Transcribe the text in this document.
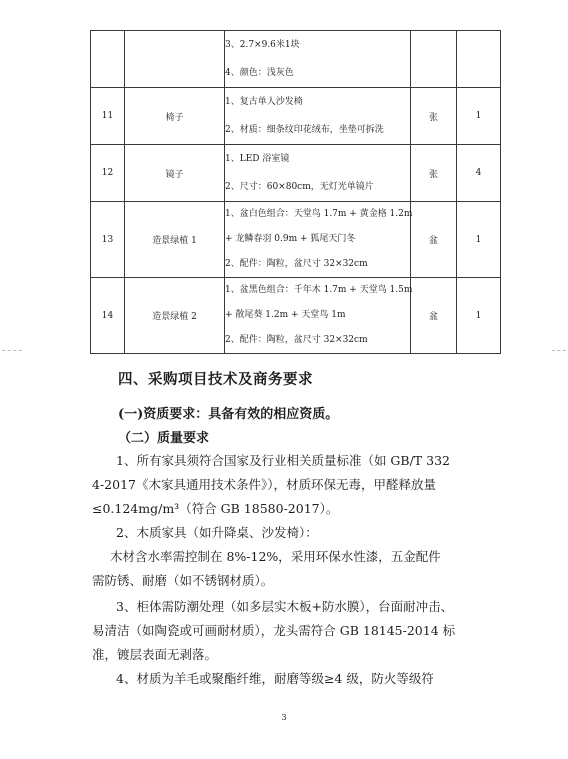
		3、2.7×9.6米1块
4、颜色：浅灰色		

11	椅子	1、复古单人沙发椅
2、材质：细条纹印花绒布，坐垫可拆洗	张	1
12	镜子	1、LED 浴室镜
2、尺寸：60×80cm，无灯光单镜片	张	4
13	造景绿植 1	1、盆白色组合：天堂鸟 1.7m + 黄金格 1.2m
+ 龙鳞春羽 0.9m + 狐尾天门冬
2、配件：陶粒，盆尺寸 32×32cm	盆	1
14	造景绿植 2	1、盆黑色组合：千年木 1.7m + 天堂鸟 1.5m
+ 散尾葵 1.2m + 天堂鸟 1m
2、配件：陶粒，盆尺寸 32×32cm	盆	1
四、采购项目技术及商务要求
(一)资质要求：具备有效的相应资质。
（二）质量要求
1、所有家具须符合国家及行业相关质量标准（如 GB/T 332
4-2017《木家具通用技术条件》），材质环保无毒，甲醛释放量
≤0.124mg/m³（符合 GB 18580-2017）。
2、木质家具（如升降桌、沙发椅）：
木材含水率需控制在 8%-12%，采用环保水性漆，五金配件
需防锈、耐磨（如不锈钢材质）。
3、柜体需防潮处理（如多层实木板+防水膜），台面耐冲击、
易清洁（如陶瓷或可画耐材质），龙头需符合 GB 18145-2014 标
准，镀层表面无剥落。
4、材质为羊毛或聚酯纤维，耐磨等级≥4 级，防火等级符
3
